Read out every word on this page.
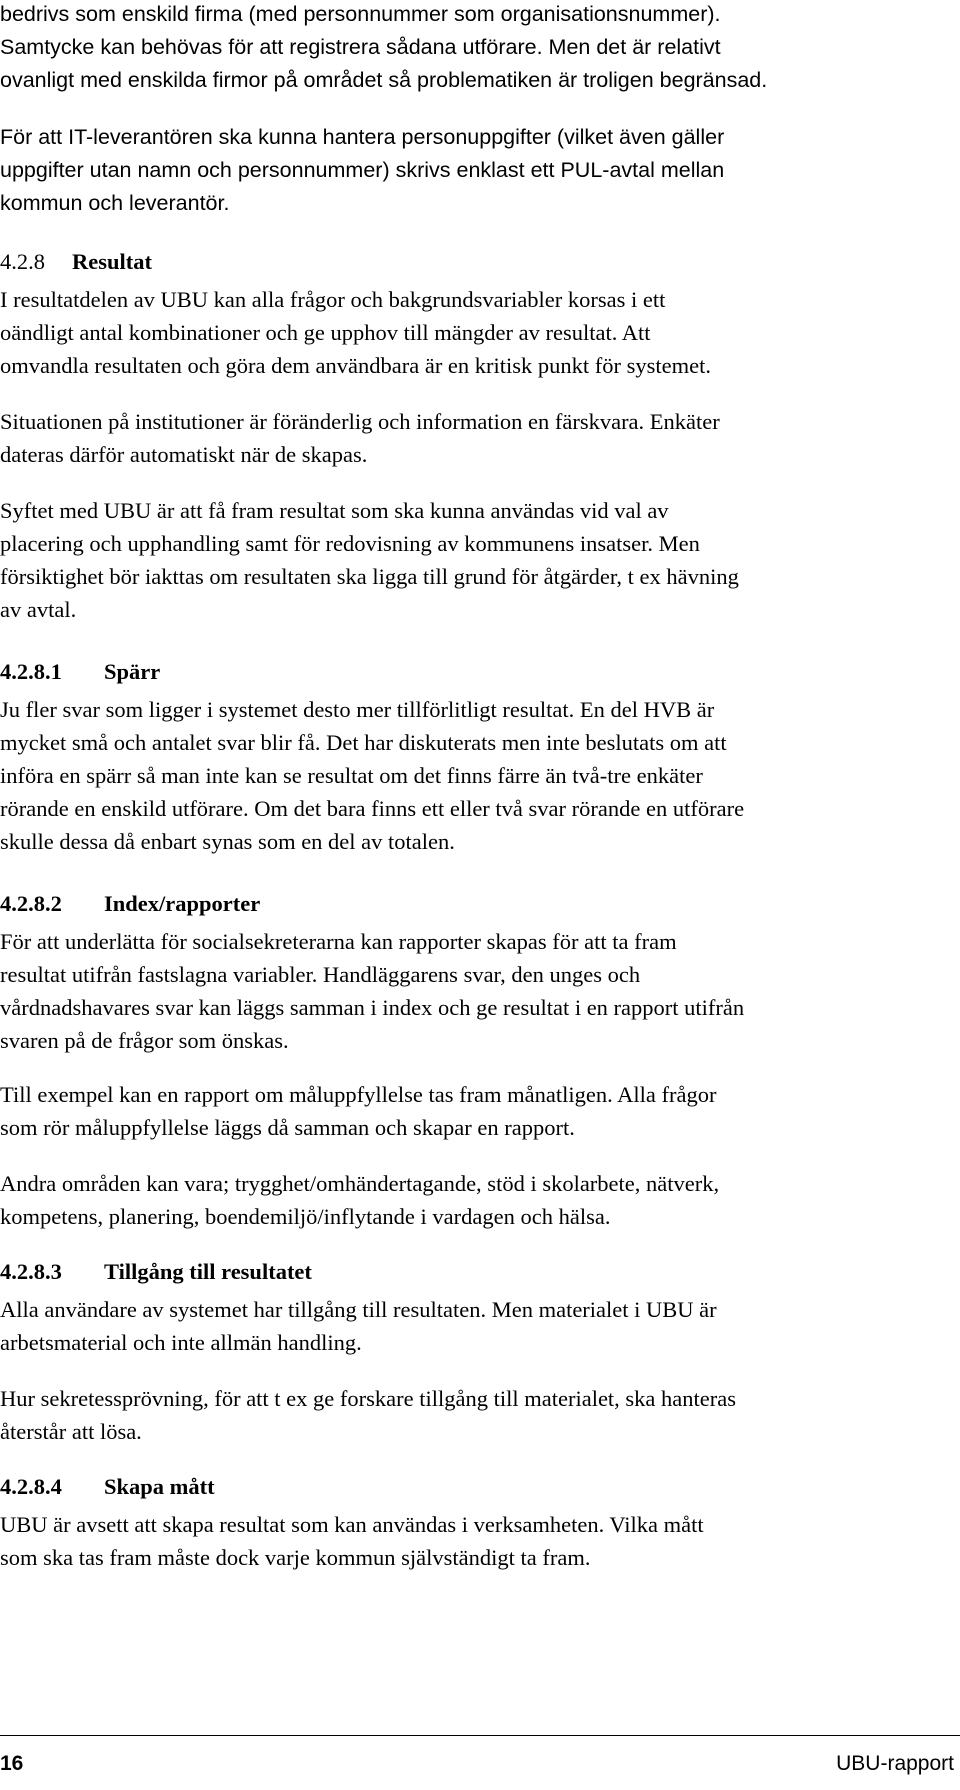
bedrivs som enskild firma (med personnummer som organisationsnummer).
Samtycke kan behövas för att registrera sådana utförare. Men det är relativt
ovanligt med enskilda firmor på området så problematiken är troligen begränsad.
För att IT-leverantören ska kunna hantera personuppgifter (vilket även gäller
uppgifter utan namn och personnummer) skrivs enklast ett PUL-avtal mellan
kommun och leverantör.
4.2.8 Resultat
I resultatdelen av UBU kan alla frågor och bakgrundsvariabler korsas i ett
oändligt antal kombinationer och ge upphov till mängder av resultat. Att
omvandla resultaten och göra dem användbara är en kritisk punkt för systemet.
Situationen på institutioner är föränderlig och information en färskvara. Enkäter
dateras därför automatiskt när de skapas.
Syftet med UBU är att få fram resultat som ska kunna användas vid val av
placering och upphandling samt för redovisning av kommunens insatser. Men
försiktighet bör iakttas om resultaten ska ligga till grund för åtgärder, t ex hävning
av avtal.
4.2.8.1 Spärr
Ju fler svar som ligger i systemet desto mer tillförlitligt resultat. En del HVB är
mycket små och antalet svar blir få. Det har diskuterats men inte beslutats om att
införa en spärr så man inte kan se resultat om det finns färre än två-tre enkäter
rörande en enskild utförare. Om det bara finns ett eller två svar rörande en utförare
skulle dessa då enbart synas som en del av totalen.
4.2.8.2 Index/rapporter
För att underlätta för socialsekreterarna kan rapporter skapas för att ta fram
resultat utifrån fastslagna variabler. Handläggarens svar, den unges och
vårdnadshavares svar kan läggs samman i index och ge resultat i en rapport utifrån
svaren på de frågor som önskas.
Till exempel kan en rapport om måluppfyllelse tas fram månatligen. Alla frågor
som rör måluppfyllelse läggs då samman och skapar en rapport.
Andra områden kan vara; trygghet/omhändertagande, stöd i skolarbete, nätverk,
kompetens, planering, boendemiljö/inflytande i vardagen och hälsa.
4.2.8.3 Tillgång till resultatet
Alla användare av systemet har tillgång till resultaten. Men materialet i UBU är
arbetsmaterial och inte allmän handling.
Hur sekretessprövning, för att t ex ge forskare tillgång till materialet, ska hanteras
återstår att lösa.
4.2.8.4 Skapa mått
UBU är avsett att skapa resultat som kan användas i verksamheten. Vilka mått
som ska tas fram måste dock varje kommun självständigt ta fram.
16	UBU-rapport
